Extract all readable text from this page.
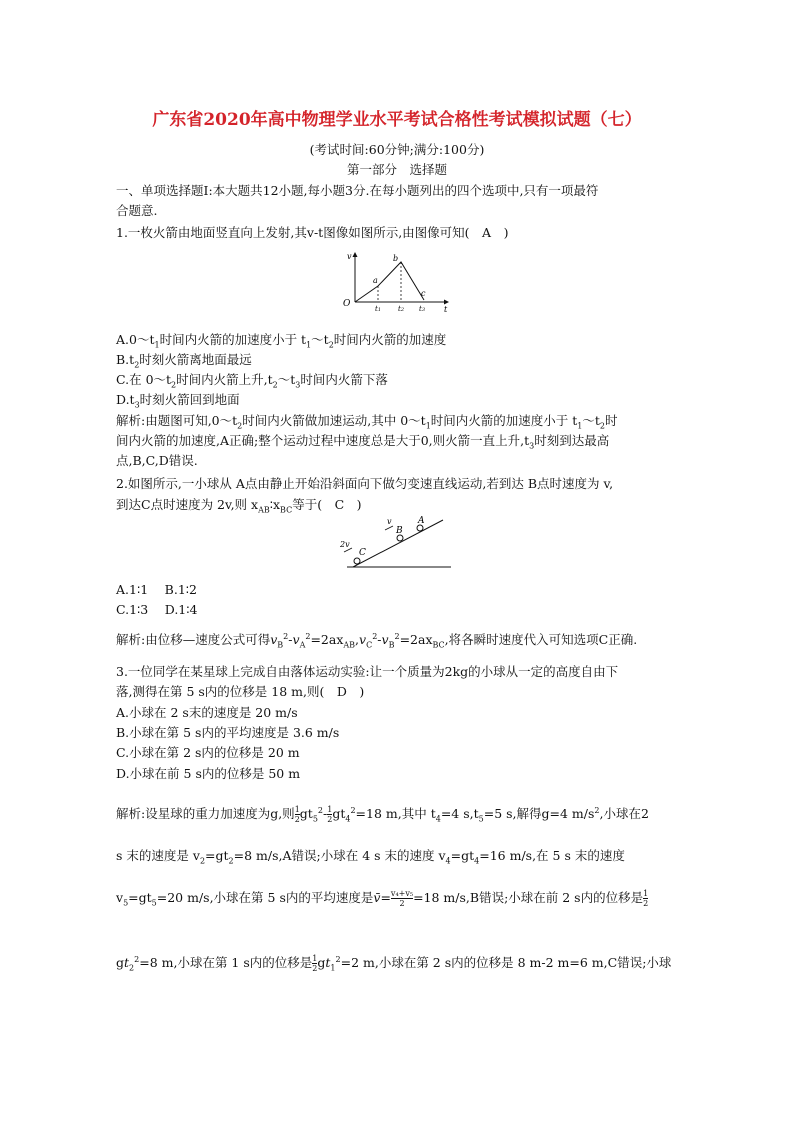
广东省2020年高中物理学业水平考试合格性考试模拟试题（七）
(考试时间:60分钟;满分:100分)
第一部分　选择题
一、单项选择题Ⅰ:本大题共12小题,每小题3分.在每小题列出的四个选项中,只有一项最符
合题意.
1.一枚火箭由地面竖直向上发射,其v-t图像如图所示,由图像可知(　A　)
v
t
O
a
b
c
t1 t2 t3
$A.0\sim t_1$时间内火箭的加速度小于 $t_1\sim t_2$时间内火箭的加速度
$B.t_2$时刻火箭离地面最远
C.在 $0\sim t_2$时间内火箭上升$,t_2\sim t_3$时间内火箭下落
$D.t_3$时刻火箭回到地面
解析:由题图可知$,0\sim t_2$时间内火箭做加速运动,其中 $0\sim t_1$时间内火箭的加速度小于 $t_1\sim t_2$时
间内火箭的加速度,A正确;整个运动过程中速度总是大于0,则火箭一直上升$,t_3$时刻到达最高
点,B,C,D错误.
2.如图所示,一小球从 A点由静止开始沿斜面向下做匀变速直线运动,若到达 B点时速度为 v,
到达C点时速度为 2v,则 $x_{AB}∶x_{BC}$等于(　C　)
C
B
A
v
2v
A.1∶1　 B.1∶2
C.1∶3　 D.1∶4
解析:由位移—速度公式可得$v_B^2-v_A^2=2ax_{AB},v_C^2-v_B^2=2ax_{BC}$,将各瞬时速度代入可知选项C正确.
3.一位同学在某星球上完成自由落体运动实验:让一个质量为2kg的小球从一定的高度自由下
落,测得在第 5 s内的位移是 18 m,则(　D　)
A.小球在 2 s末的速度是 20 m/s
B.小球在第 5 s内的平均速度是 3.6 m/s
C.小球在第 2 s内的位移是 20 m
D.小球在前 5 s内的位移是 50 m
解析:设星球的重力加速度为g,则 $\frac{1}{2} gt_5^2- \frac{1}{2} gt_4^2=18$ m,其中 $t_4=4$ $s,t_5=5$ s,解得g=4 $m/s^2$,小球在2
s 末的速度是 $v_2=gt_2=8$ m/s,A错误;小球在 4 s 末的速度 $v_4=gt_4=16$ m/s,在 5 s 末的速度
$v_5=gt_5=20$ m/s,小球在第 5 s内的平均速度是v̄= $\frac{\text{v₄+v₅}}{2} =18$ m/s,B错误;小球在前 2 s内的位移是 $\frac{1}{2}$
$gt_2^2=8$ m,小球在第 1 s内的位移是 $\frac{1}{2} gt_1^2=2$ m,小球在第 2 s内的位移是 8 m-2 m=6 m,C错误;小球
